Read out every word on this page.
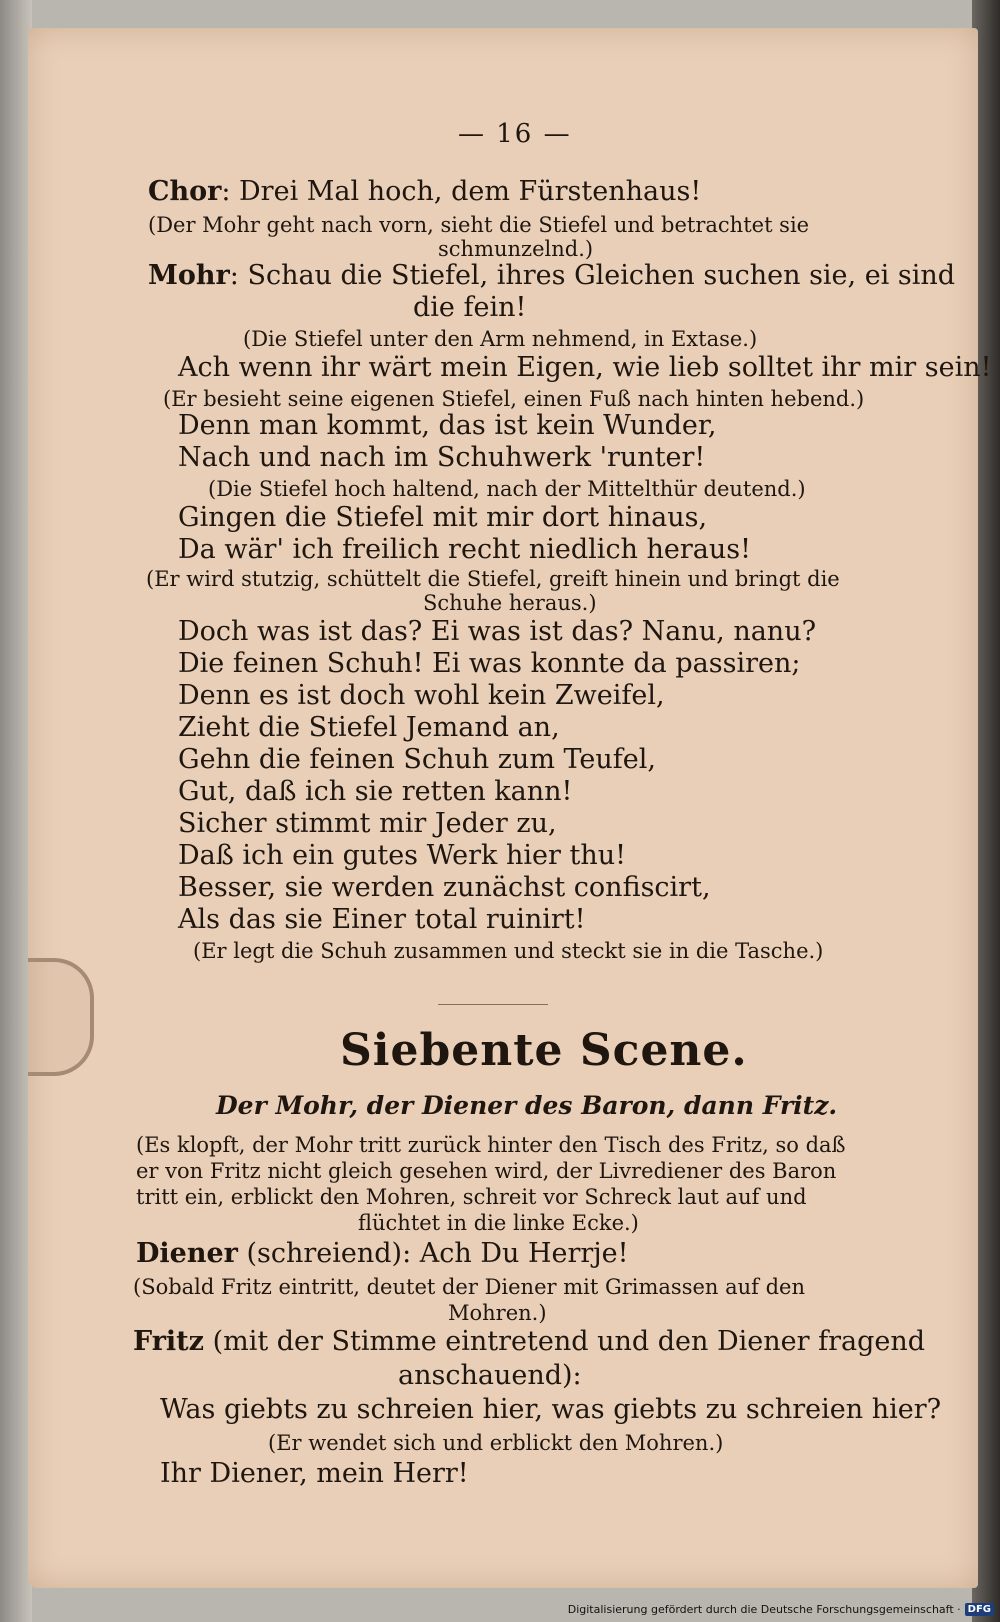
— 16 —
Chor: Drei Mal hoch, dem Fürstenhaus!
(Der Mohr geht nach vorn, sieht die Stiefel und betrachtet sie
schmunzelnd.)
Mohr: Schau die Stiefel, ihres Gleichen suchen sie, ei sind
die fein!
(Die Stiefel unter den Arm nehmend, in Extase.)
Ach wenn ihr wärt mein Eigen, wie lieb solltet ihr mir sein!
(Er besieht seine eigenen Stiefel, einen Fuß nach hinten hebend.)
Denn man kommt, das ist kein Wunder,
Nach und nach im Schuhwerk 'runter!
(Die Stiefel hoch haltend, nach der Mittelthür deutend.)
Gingen die Stiefel mit mir dort hinaus,
Da wär' ich freilich recht niedlich heraus!
(Er wird stutzig, schüttelt die Stiefel, greift hinein und bringt die
Schuhe heraus.)
Doch was ist das? Ei was ist das? Nanu, nanu?
Die feinen Schuh! Ei was konnte da passiren;
Denn es ist doch wohl kein Zweifel,
Zieht die Stiefel Jemand an,
Gehn die feinen Schuh zum Teufel,
Gut, daß ich sie retten kann!
Sicher stimmt mir Jeder zu,
Daß ich ein gutes Werk hier thu!
Besser, sie werden zunächst confiscirt,
Als das sie Einer total ruinirt!
(Er legt die Schuh zusammen und steckt sie in die Tasche.)
Siebente Scene.
Der Mohr, der Diener des Baron, dann Fritz.
(Es klopft, der Mohr tritt zurück hinter den Tisch des Fritz, so daß
er von Fritz nicht gleich gesehen wird, der Livrediener des Baron
tritt ein, erblickt den Mohren, schreit vor Schreck laut auf und
flüchtet in die linke Ecke.)
Diener (schreiend): Ach Du Herrje!
(Sobald Fritz eintritt, deutet der Diener mit Grimassen auf den
Mohren.)
Fritz (mit der Stimme eintretend und den Diener fragend
anschauend):
Was giebts zu schreien hier, was giebts zu schreien hier?
(Er wendet sich und erblickt den Mohren.)
Ihr Diener, mein Herr!
Digitalisierung gefördert durch die Deutsche Forschungsgemeinschaft · DFG
